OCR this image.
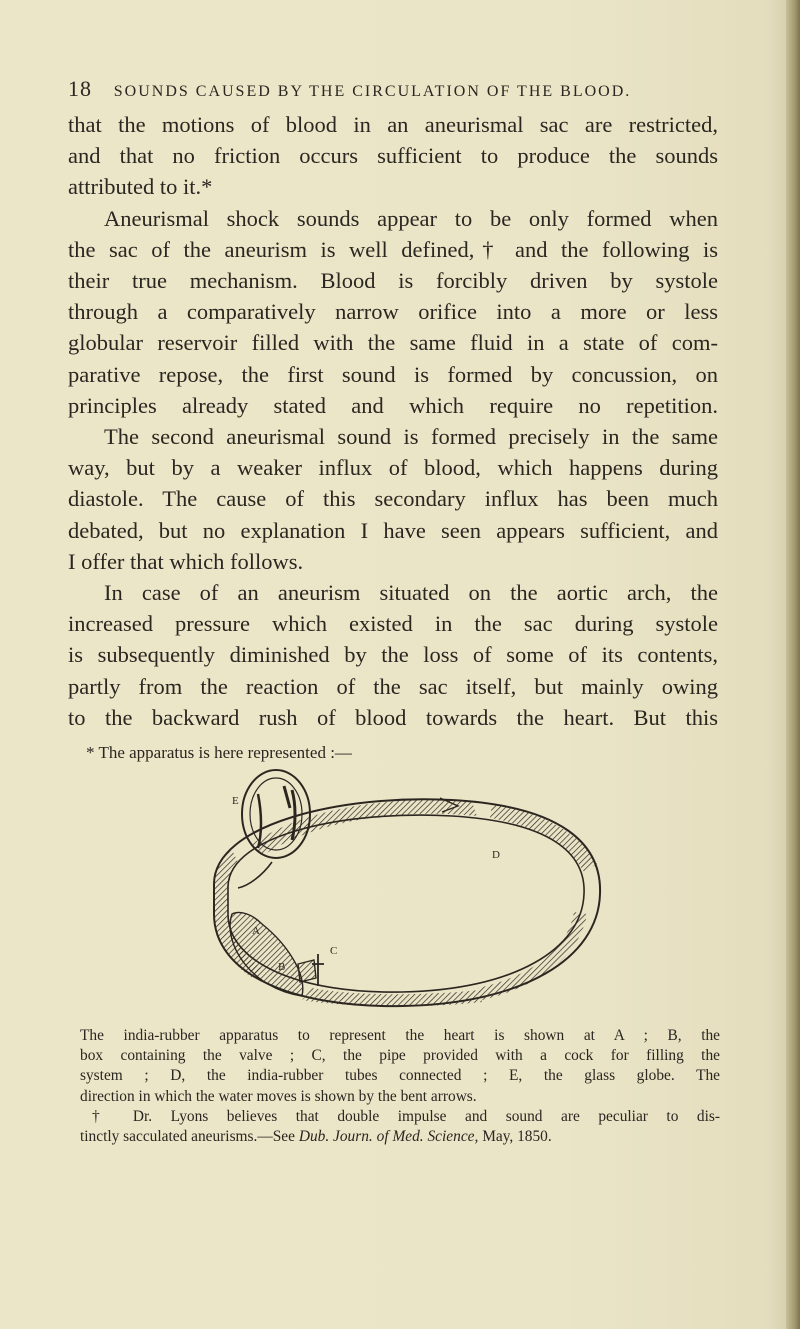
18 SOUNDS CAUSED BY THE CIRCULATION OF THE BLOOD.
that the motions of blood in an aneurismal sac are restricted,
and that no friction occurs sufficient to produce the sounds
attributed to it.*
Aneurismal shock sounds appear to be only formed when
the sac of the aneurism is well defined,† and the following is
their true mechanism. Blood is forcibly driven by systole
through a comparatively narrow orifice into a more or less
globular reservoir filled with the same fluid in a state of com-
parative repose, the first sound is formed by concussion, on
principles already stated and which require no repetition.
The second aneurismal sound is formed precisely in the same
way, but by a weaker influx of blood, which happens during
diastole. The cause of this secondary influx has been much
debated, but no explanation I have seen appears sufficient, and
I offer that which follows.
In case of an aneurism situated on the aortic arch, the
increased pressure which existed in the sac during systole
is subsequently diminished by the loss of some of its contents,
partly from the reaction of the sac itself, but mainly owing
to the backward rush of blood towards the heart. But this
* The apparatus is here represented :—
E
D
A
B
C
The india-rubber apparatus to represent the heart is shown at A ; B, the
box containing the valve ; C, the pipe provided with a cock for filling the
system ; D, the india-rubber tubes connected ; E, the glass globe. The
direction in which the water moves is shown by the bent arrows.
† Dr. Lyons believes that double impulse and sound are peculiar to dis-
tinctly sacculated aneurisms.—See Dub. Journ. of Med. Science, May, 1850.
